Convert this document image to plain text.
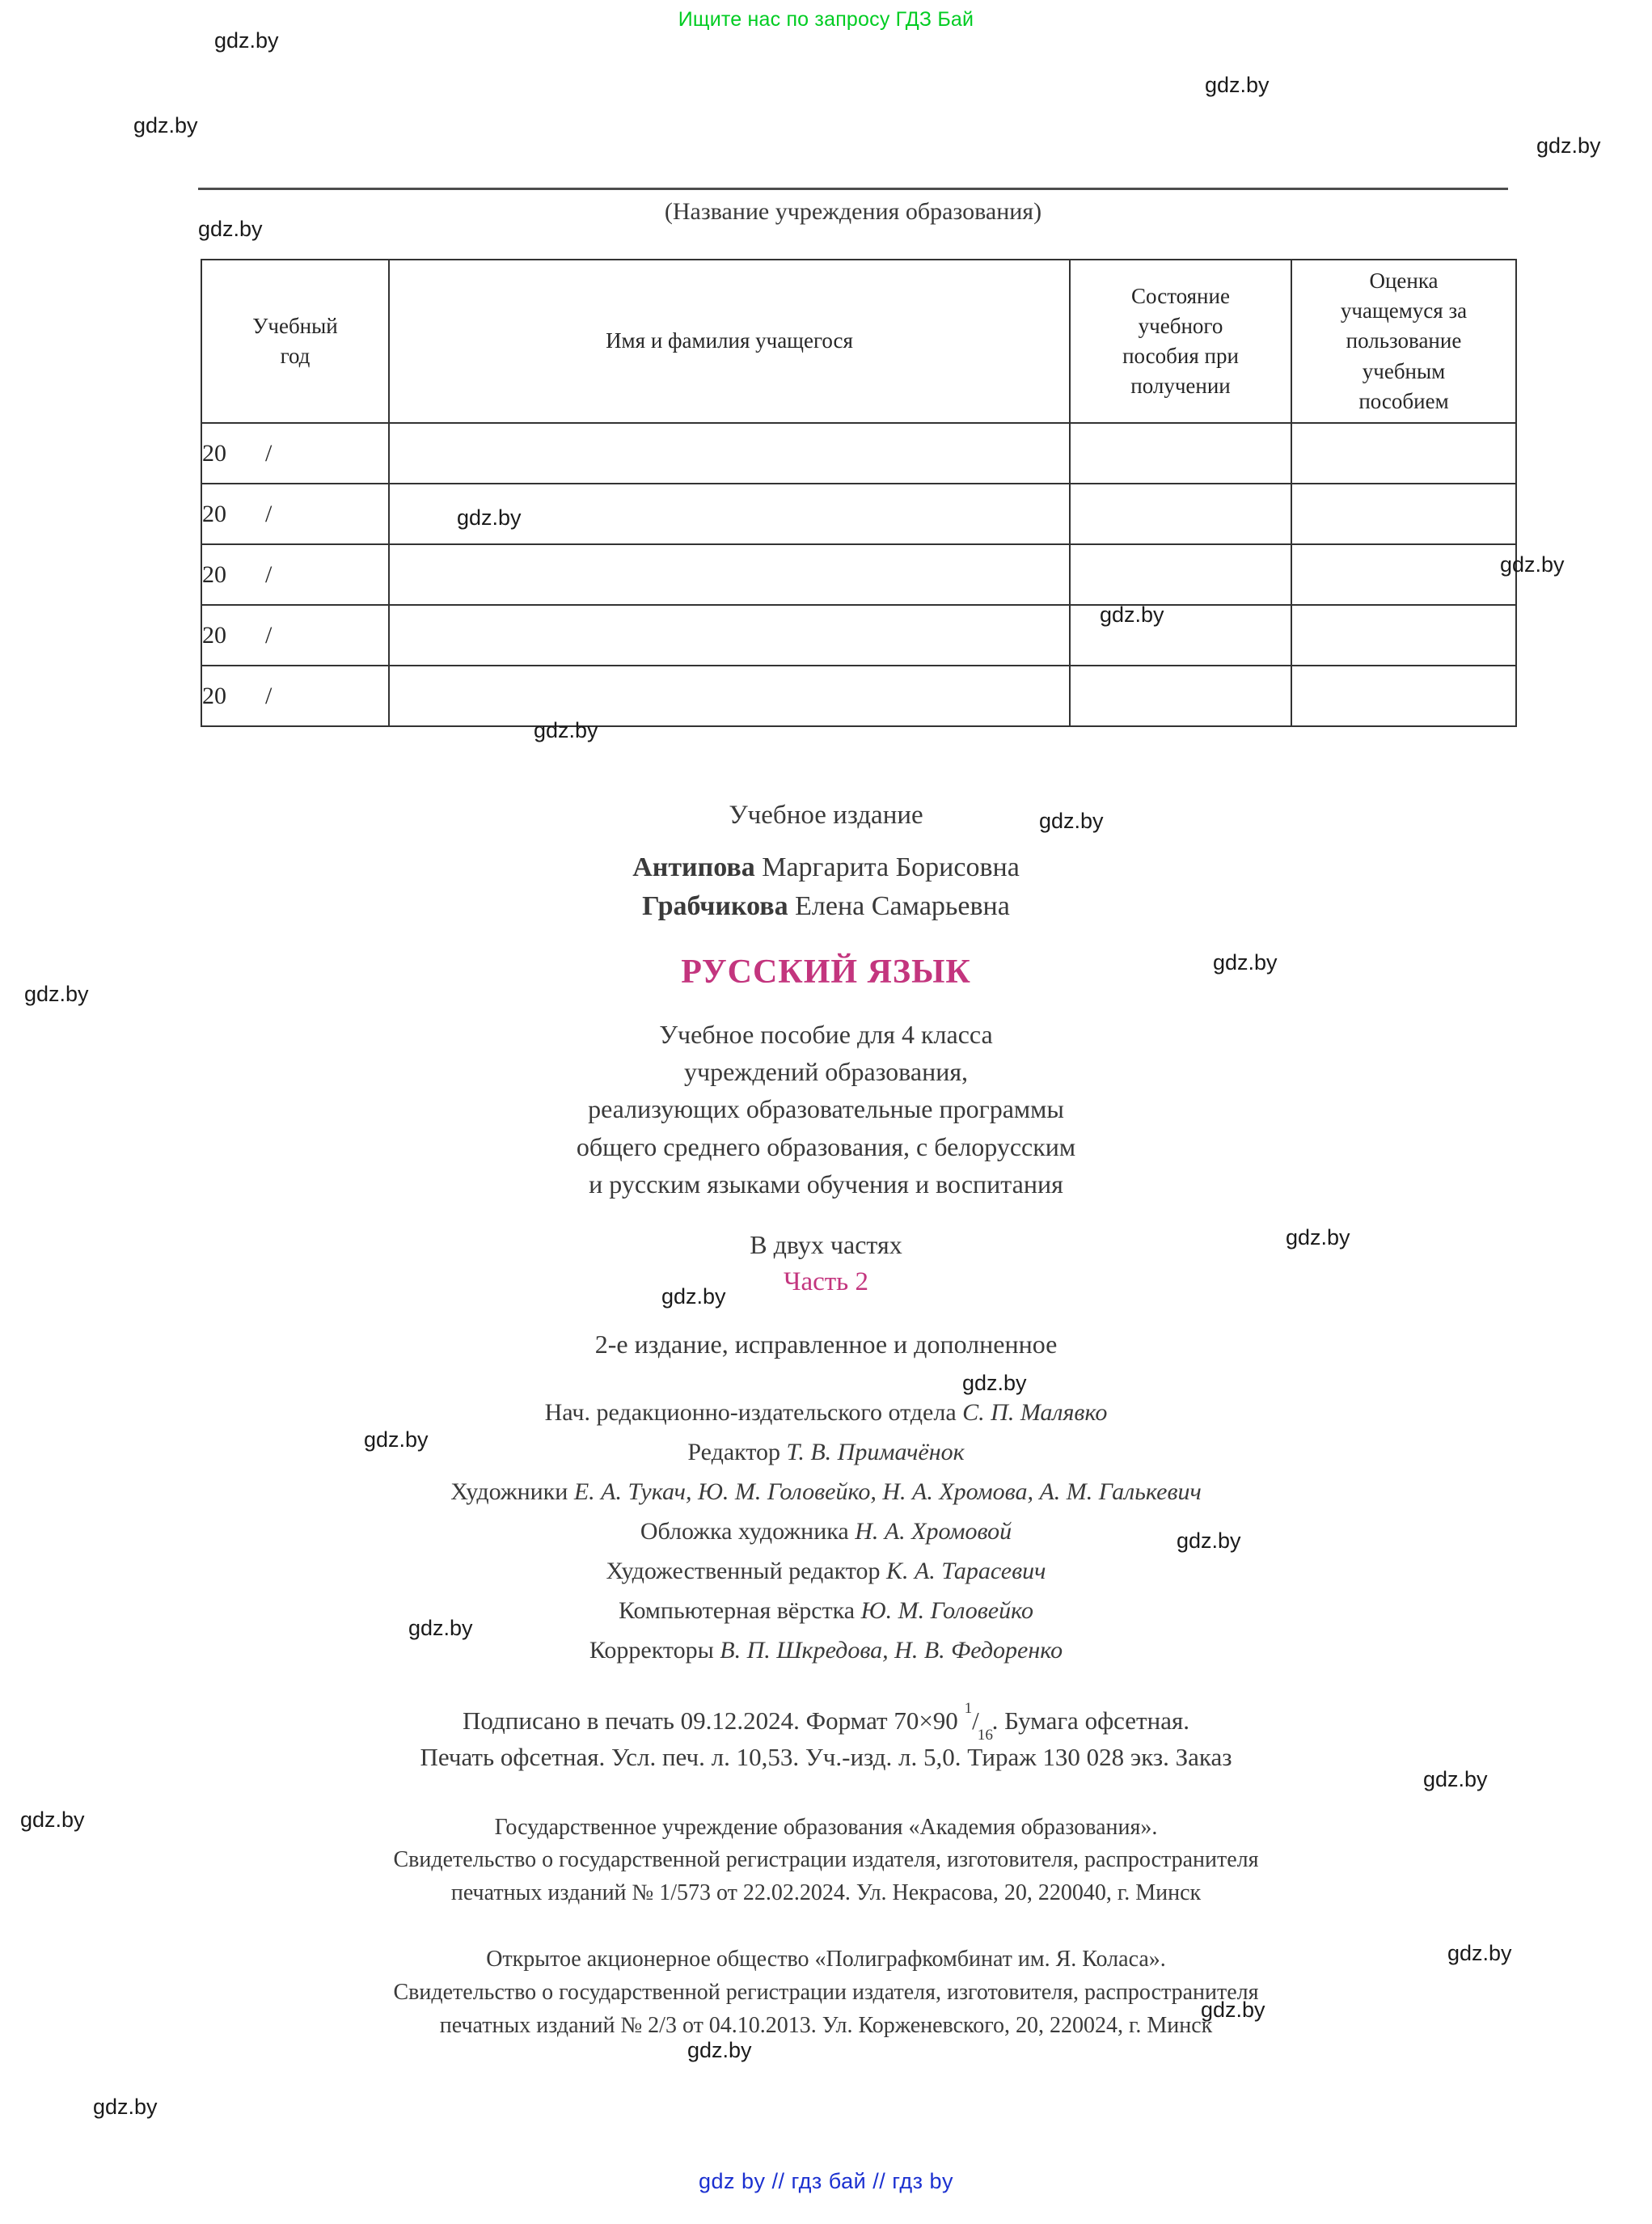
Ищите нас по запросу ГДЗ Бай
(Название учреждения образования)
Учебный
год	Имя и фамилия учащегося	Состояние
учебного
пособия при
получении	Оценка
учащемуся за
пользование
учебным
пособием
20 /			
20 /			
20 /			
20 /			
20 /			
Учебное издание
Антипова Маргарита Борисовна
Грабчикова Елена Самарьевна
РУССКИЙ ЯЗЫК
Учебное пособие для 4 класса
учреждений образования,
реализующих образовательные программы
общего среднего образования, с белорусским
и русским языками обучения и воспитания
В двух частях
Часть 2
2-е издание, исправленное и дополненное
Нач. редакционно-издательского отдела С. П. Малявко
Редактор Т. В. Примачёнок
Художники Е. А. Тукач, Ю. М. Головейко, Н. А. Хромова, А. М. Галькевич
Обложка художника Н. А. Хромовой
Художественный редактор К. А. Тарасевич
Компьютерная вёрстка Ю. М. Головейко
Корректоры В. П. Шкредова, Н. В. Федоренко
Подписано в печать 09.12.2024. Формат 70×90 $^1/_{16}$. Бумага офсетная.
Печать офсетная. Усл. печ. л. 10,53. Уч.-изд. л. 5,0. Тираж 130 028 экз. Заказ
Государственное учреждение образования «Академия образования».
Свидетельство о государственной регистрации издателя, изготовителя, распространителя
печатных изданий № 1/573 от 22.02.2024. Ул. Некрасова, 20, 220040, г. Минск
Открытое акционерное общество «Полиграфкомбинат им. Я. Коласа».
Свидетельство о государственной регистрации издателя, изготовителя, распространителя
печатных изданий № 2/3 от 04.10.2013. Ул. Корженевского, 20, 220024, г. Минск
gdz by // гдз бай // гдз by
gdz.by
gdz.by
gdz.by
gdz.by
gdz.by
gdz.by
gdz.by
gdz.by
gdz.by
gdz.by
gdz.by
gdz.by
gdz.by
gdz.by
gdz.by
gdz.by
gdz.by
gdz.by
gdz.by
gdz.by
gdz.by
gdz.by
gdz.by
gdz.by
